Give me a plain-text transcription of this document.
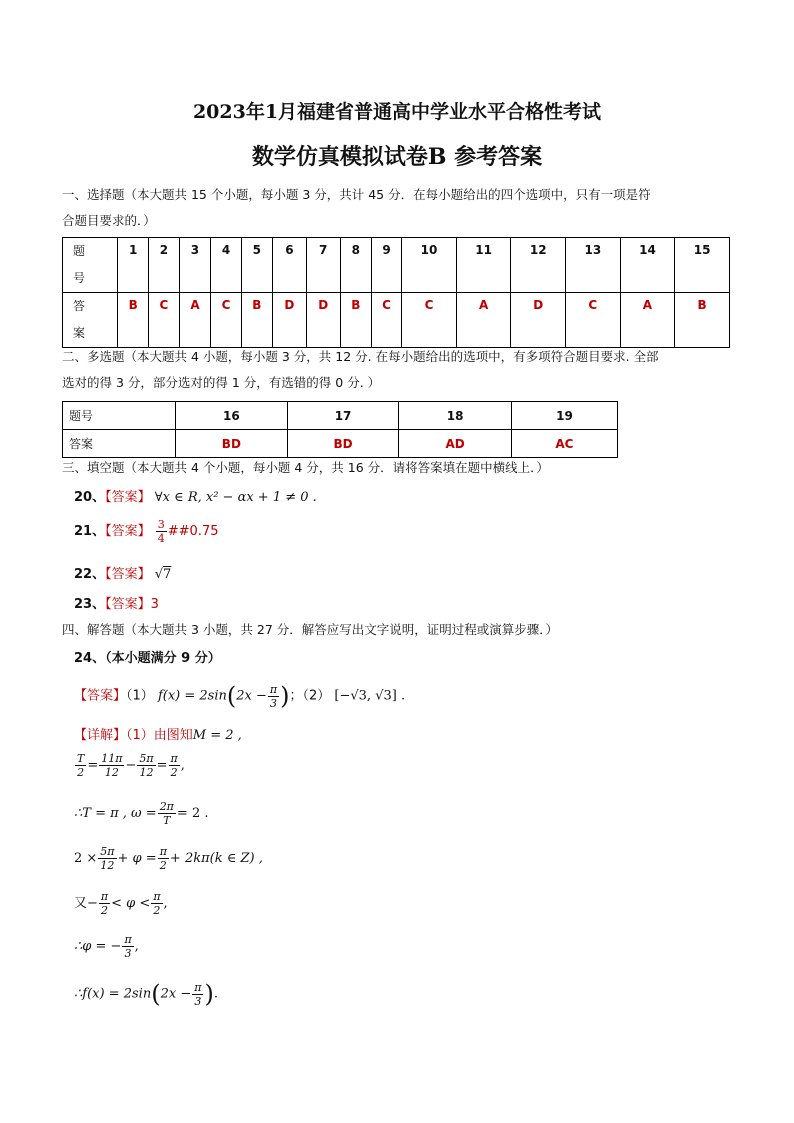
2023年1月福建省普通高中学业水平合格性考试
数学仿真模拟试卷B 参考答案
一、选择题（本大题共 15 个小题，每小题 3 分，共计 45 分．在每小题给出的四个选项中，只有一项是符
合题目要求的．）
题
号	1	2	3	4	5	6	7	8	9	10	11	12	13	14	15

答
案	B	C	A	C	B	D	D	B	C	C	A	D	C	A	B
二、多选题（本大题共 4 小题，每小题 3 分，共 12 分. 在每小题给出的选项中，有多项符合题目要求. 全部
选对的得 3 分，部分选对的得 1 分，有选错的得 0 分. ）
题号	16	17	18	19
答案	BD	BD	AD	AC
三、填空题（本大题共 4 个小题，每小题 4 分，共 16 分．请将答案填在题中横线上．）
20、【答案】 ∀x ∈ R, x² − αx + 1 ≠ 0 .
21、【答案】 $\frac{3}{4}$ ##0.75
22、【答案】 √7
23、【答案】3
四、解答题（本大题共 3 小题，共 27 分．解答应写出文字说明，证明过程或演算步骤．）
24、（本小题满分 9 分）
【答案】（1） $f(x) = 2\sin(2x - \frac{\pi}{3}$ )；（2） [−√3, √3] .
【详解】（1）由图知M = 2 ,
$\frac{T}{2} = \frac{11\pi}{12} - \frac{5\pi}{12} = \frac{\pi}{2}$ ,
∴T = π , $\omega = \frac{2\pi}{T} = 2$ .
$2 \times \frac{5\pi}{12} + \varphi = \frac{\pi}{2} + 2k\pi(k$ ∈ Z) ,
又− $\frac{\pi}{2} < \varphi < \frac{\pi}{2}$ ,
∴φ = − $\frac{\pi}{3}$ ,
∴f(x) = $2\sin(2x - \frac{\pi}{3}$ ).
